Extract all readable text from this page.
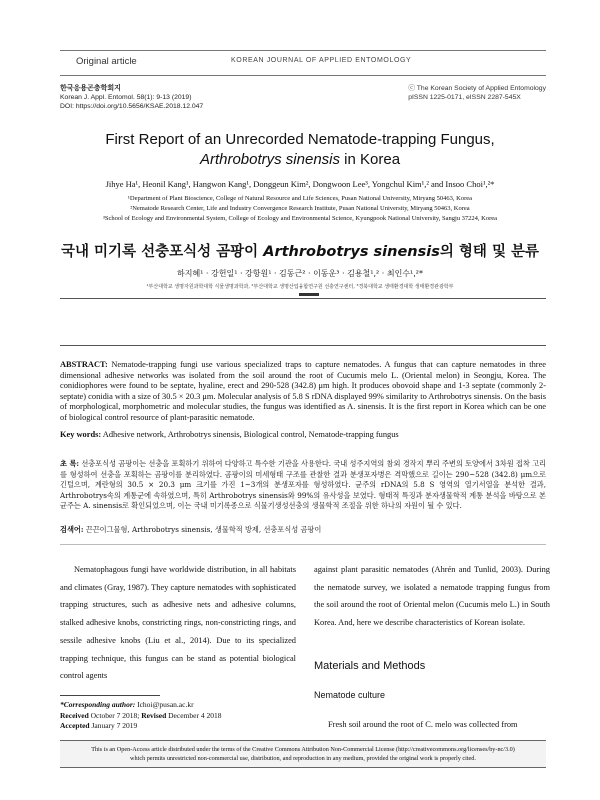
Original article	KOREAN JOURNAL OF APPLIED ENTOMOLOGY
한국응용곤충학회지
Korean J. Appl. Entomol. 58(1): 9-13 (2019)
DOI: https://doi.org/10.5656/KSAE.2018.12.047
ⓒ The Korean Society of Applied Entomology
pISSN 1225-0171, eISSN 2287-545X
First Report of an Unrecorded Nematode-trapping Fungus,
Arthrobotrys sinensis in Korea
Jihye Ha¹, Heonil Kang¹, Hangwon Kang¹, Donggeun Kim², Dongwoon Lee³, Yongchul Kim¹,² and Insoo Choi¹,²*
¹Department of Plant Bioscience, College of Natural Resource and Life Sciences, Pusan National University, Miryang 50463, Korea
²Nematode Research Center, Life and Industry Convergence Research Institute, Pusan National University, Miryang 50463, Korea
³School of Ecology and Environmental System, College of Ecology and Environmental Science, Kyungpook National University, Sangju 37224, Korea
국내 미기록 선충포식성 곰팡이 Arthrobotrys sinensis의 형태 및 분류
하지혜¹ · 강헌일¹ · 강항원¹ · 김동근² · 이동운³ · 김용철¹,² · 최인수¹,²*
¹부산대학교 생명자원과학대학 식물생명과학과, ²부산대학교 생명산업융합연구원 선충연구센터, ³경북대학교 생태환경대학 생태환경관광학부
ABSTRACT: Nematode-trapping fungi use various specialized traps to capture nematodes. A fungus that can capture nematodes in three dimensional adhesive networks was isolated from the soil around the root of Cucumis melo L. (Oriental melon) in Seongju, Korea. The conidiophores were found to be septate, hyaline, erect and 290-528 (342.8) μm high. It produces obovoid shape and 1-3 septate (commonly 2-septate) conidia with a size of 30.5 × 20.3 μm. Molecular analysis of 5.8 S rDNA displayed 99% similarity to Arthrobotrys sinensis. On the basis of morphological, morphometric and molecular studies, the fungus was identified as A. sinensis. It is the first report in Korea which can be one of biological control resource of plant-parasitic nematode.
Key words: Adhesive network, Arthrobotrys sinensis, Biological control, Nematode-trapping fungus
초 록: 선충포식성 곰팡이는 선충을 포획하기 위하여 다양하고 특수한 기관을 사용한다. 국내 성주지역의 참외 경작지 뿌리 주변의 토양에서 3차원 접착 고리를 형성하여 선충을 포획하는 곰팡이를 분리하였다. 곰팡이의 미세형태 구조를 관찰한 결과 분생포자병은 격막했으로 길이는 290~528 (342.8) μm으로 긴털으며, 계란형의 30.5 × 20.3 μm 크기를 가진 1~3개의 분생포자를 형성하였다. 균주의 rDNA의 5.8 S 영역의 열기서열을 분석한 결과, Arthrobotrys속의 계통군에 속하였으며, 특히 Arthrobotrys sinensis와 99%의 유사성을 보였다. 형태적 특징과 분자생물학적 계통 분석을 바탕으로 본 균주는 A. sinensis로 확인되었으며, 이는 국내 미기록종으로 식물기생성선충의 생물학적 조절을 위한 하나의 자원이 될 수 있다.
검색어: 끈끈이그물형, Arthrobotrys sinensis, 생물학적 방제, 선충포식성 곰팡이

Nematophagous fungi have worldwide distribution, in all habitats and climates (Gray, 1987). They capture nematodes with sophisticated trapping structures, such as adhesive nets and adhesive columns, stalked adhesive knobs, constricting rings, non-constricting rings, and sessile adhesive knobs (Liu et al., 2014). Due to its specialized trapping technique, this fungus can be stand as potential biological control agents

against plant parasitic nematodes (Ahrén and Tunlid, 2003). During the nematode survey, we isolated a nematode trapping fungus from the soil around the root of Oriental melon (Cucumis melo L.) in South Korea. And, here we describe characteristics of Korean isolate.

Materials and Methods
Nematode culture
Fresh soil around the root of C. melo was collected from
*Corresponding author: Ichoi@pusan.ac.kr
Received October 7 2018; Revised December 4 2018
Accepted January 7 2019
This is an Open-Access article distributed under the terms of the Creative Commons Attribution Non-Commercial License (http://creativecommons.org/licenses/by-nc/3.0)
which permits unrestricted non-commercial use, distribution, and reproduction in any medium, provided the original work is properly cited.
